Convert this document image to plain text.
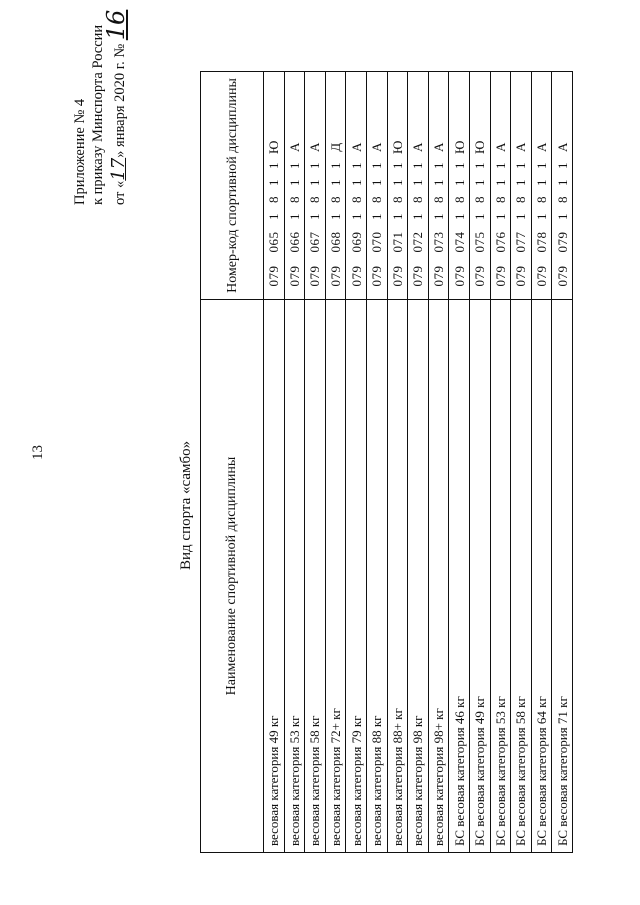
13
Приложение № 4 к приказу Минспорта России от «17» января 2020 г. № 16
Вид спорта «самбо» Наименование спортивной дисциплины	Номер-код спортивной дисциплины
весовая категория 49 кг	0790651811Ю
весовая категория 53 кг	0790661811А
весовая категория 58 кг	0790671811А
весовая категория 72+ кг	0790681811Д
весовая категория 79 кг	0790691811А
весовая категория 88 кг	0790701811А
весовая категория 88+ кг	0790711811Ю
весовая категория 98 кг	0790721811А
весовая категория 98+ кг	0790731811А
БС весовая категория 46 кг	0790741811Ю
БС весовая категория 49 кг	0790751811Ю
БС весовая категория 53 кг	0790761811А
БС весовая категория 58 кг	0790771811А
БС весовая категория 64 кг	0790781811А
БС весовая категория 71 кг	0790791811А
